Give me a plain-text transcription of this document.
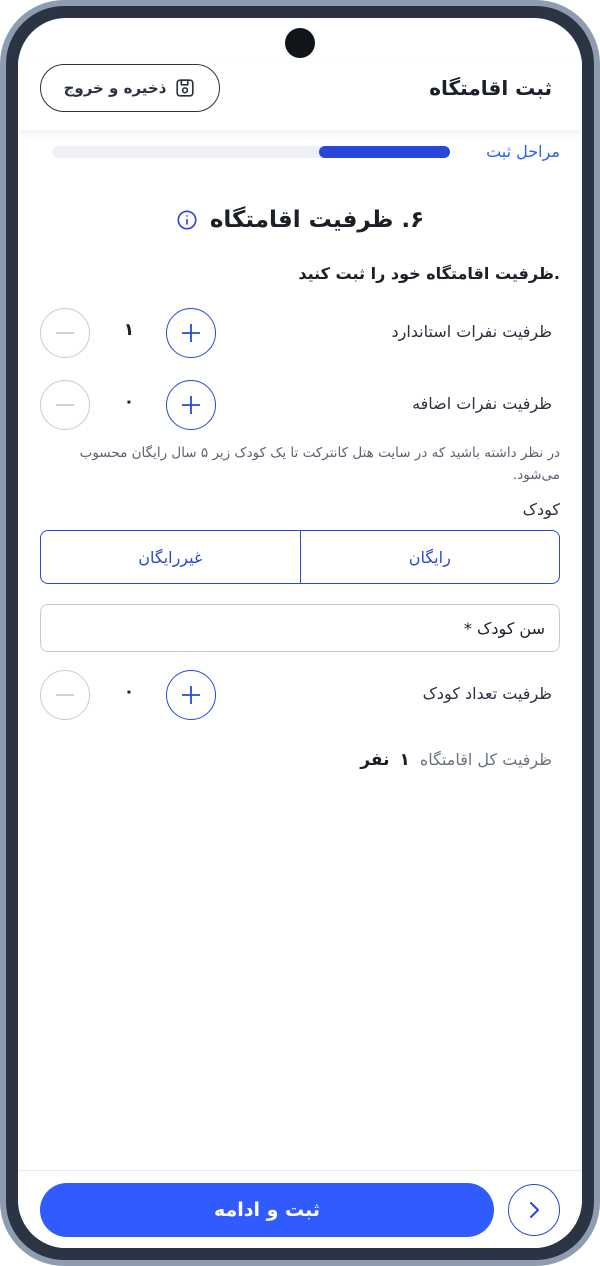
ثبت اقامتگاه
ذخیره و خروج
مراحل ثبت
۶. ظرفیت اقامتگاه
ظرفیت اقامتگاه خود را ثبت کنید.
ظرفیت نفرات استاندارد
۱
ظرفیت نفرات اضافه
۰
در نظر داشته باشید که در سایت هتل کانترکت تا یک کودک زیر ۵ سال رایگان محسوب می‌شود.
کودک
رایگان
غیررایگان
سن کودک *
ظرفیت تعداد کودک
۰
ظرفیت کل اقامتگاه
۱
نفر
ثبت و ادامه
